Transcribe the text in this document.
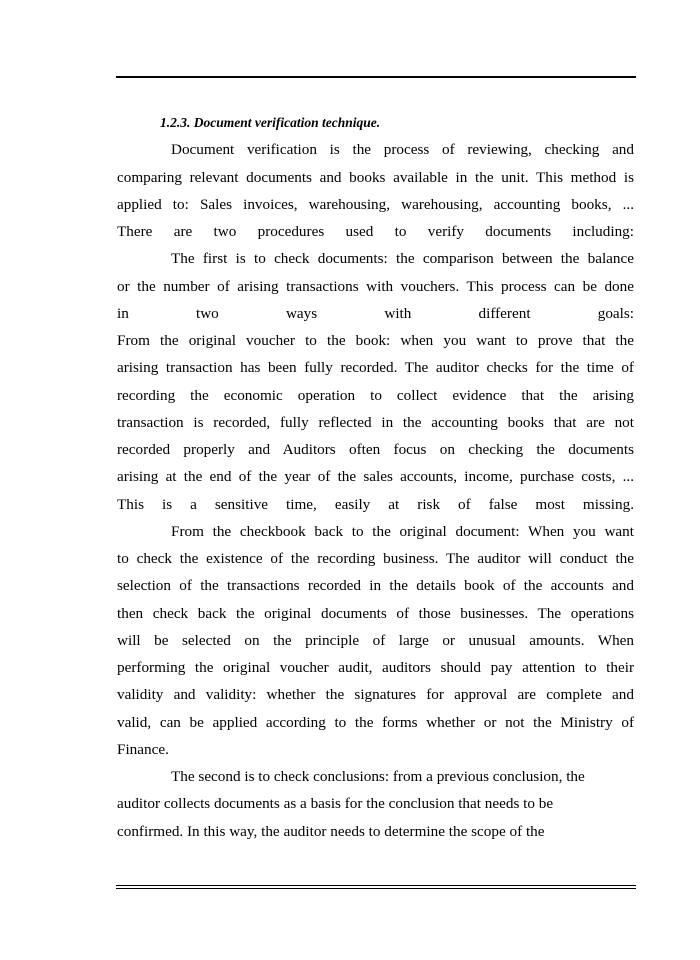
1.2.3. Document verification technique.

Document verification is the process of reviewing, checking and
comparing relevant documents and books available in the unit. This method is
applied to: Sales invoices, warehousing, warehousing, accounting books, ...
There are two procedures used to verify documents including:

The first is to check documents: the comparison between the balance
or the number of arising transactions with vouchers. This process can be done
in two ways with different goals:

From the original voucher to the book: when you want to prove that the
arising transaction has been fully recorded. The auditor checks for the time of
recording the economic operation to collect evidence that the arising
transaction is recorded, fully reflected in the accounting books that are not
recorded properly and Auditors often focus on checking the documents
arising at the end of the year of the sales accounts, income, purchase costs, ...
This is a sensitive time, easily at risk of false most missing.

From the checkbook back to the original document: When you want
to check the existence of the recording business. The auditor will conduct the
selection of the transactions recorded in the details book of the accounts and
then check back the original documents of those businesses. The operations
will be selected on the principle of large or unusual amounts. When
performing the original voucher audit, auditors should pay attention to their
validity and validity: whether the signatures for approval are complete and
valid, can be applied according to the forms whether or not the Ministry of
Finance.

The second is to check conclusions: from a previous conclusion, the
auditor collects documents as a basis for the conclusion that needs to be
confirmed. In this way, the auditor needs to determine the scope of the
